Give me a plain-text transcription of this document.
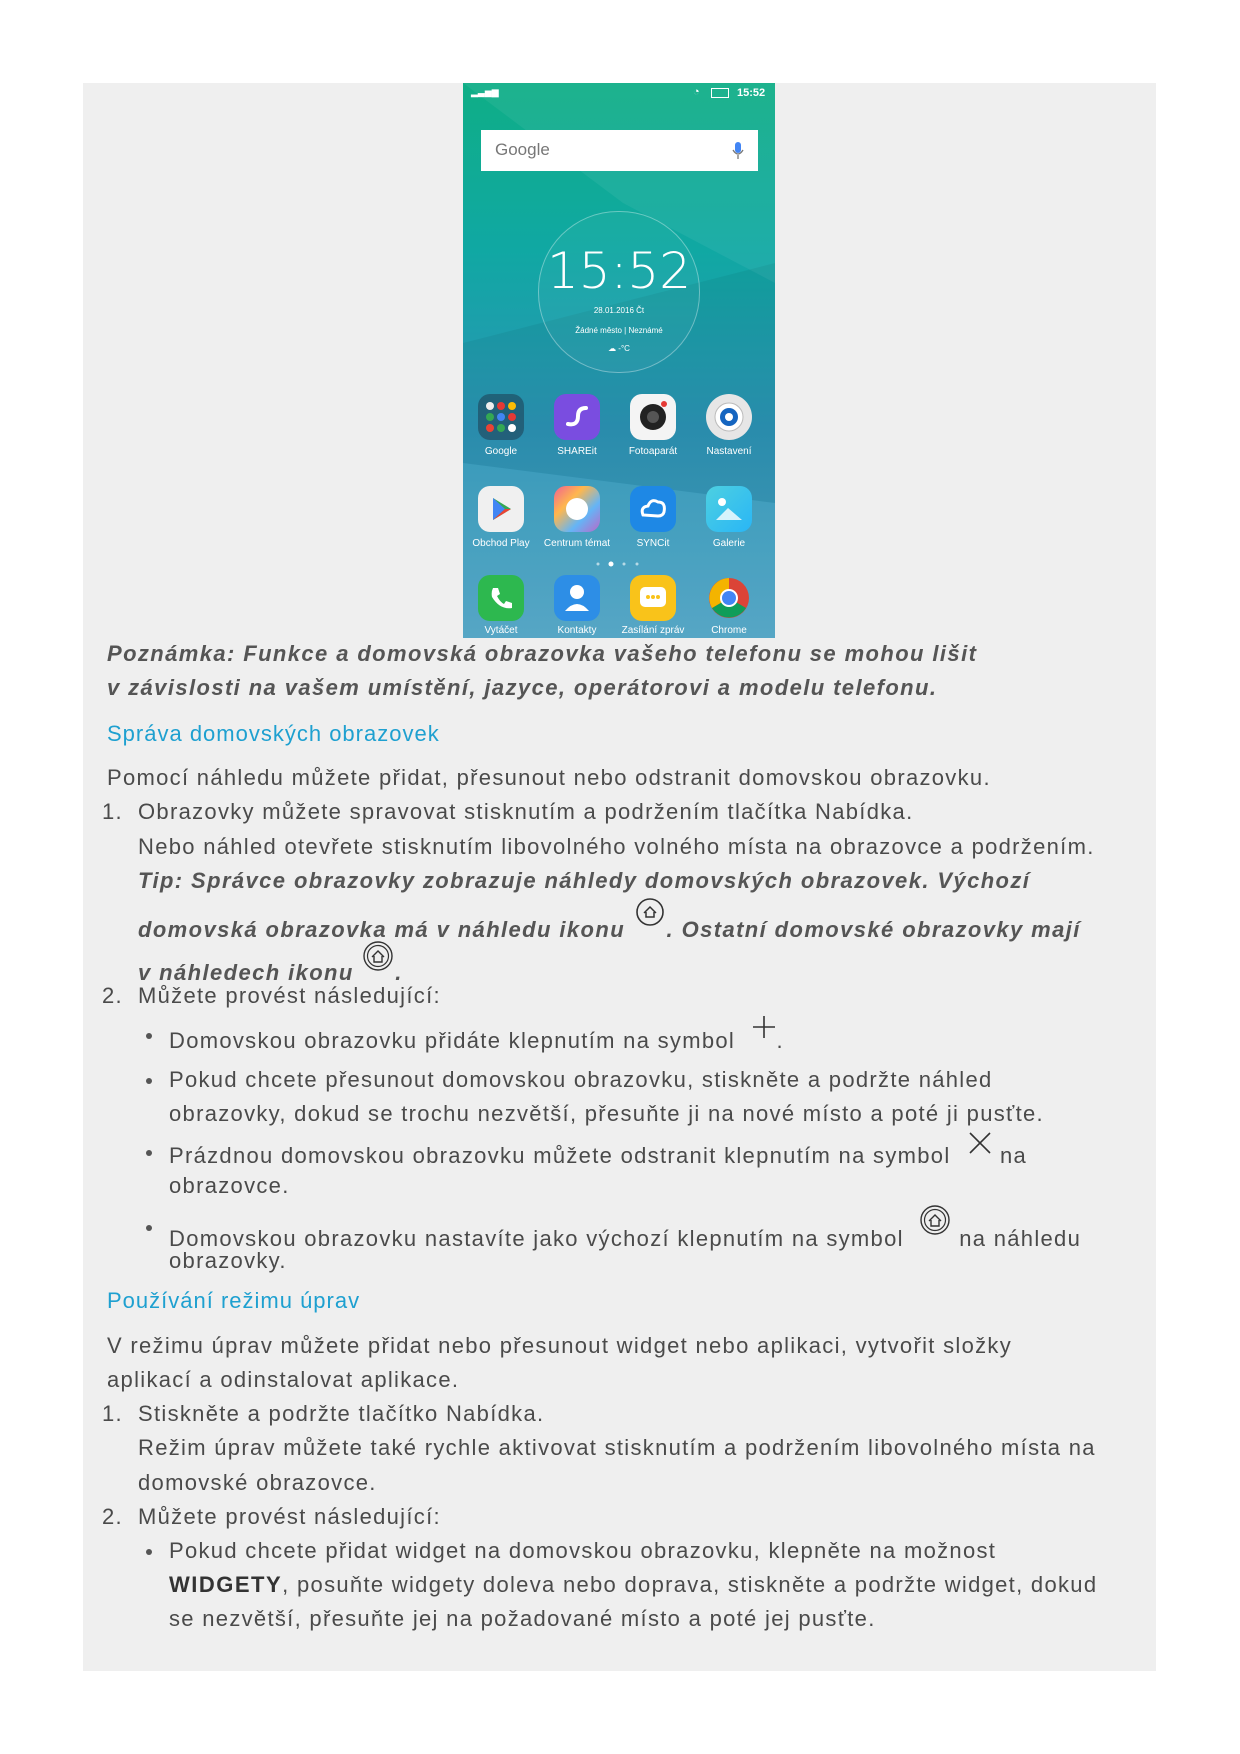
▂▃▅▆	◔	15:52
Google
15:52
28.01.2016 Čt
Žádné město | Neznámé
☁ -°C
Google	SHAREit	Fotoaparát	Nastavení
Obchod Play	Centrum témat	SYNCit	Galerie
Vytáčet	Kontakty	Zasílání zpráv	Chrome
Poznámka: Funkce a domovská obrazovka vašeho telefonu se mohou lišit
v závislosti na vašem umístění, jazyce, operátorovi a modelu telefonu.
Správa domovských obrazovek
Pomocí náhledu můžete přidat, přesunout nebo odstranit domovskou obrazovku.
1. Obrazovky můžete spravovat stisknutím a podržením tlačítka Nabídka.
Nebo náhled otevřete stisknutím libovolného volného místa na obrazovce a podržením.
Tip: Správce obrazovky zobrazuje náhledy domovských obrazovek. Výchozí
domovská obrazovka má v náhledu ikonu . Ostatní domovské obrazovky mají
v náhledech ikonu .
2. Můžete provést následující:
Domovskou obrazovku přidáte klepnutím na symbol .
Pokud chcete přesunout domovskou obrazovku, stiskněte a podržte náhled
obrazovky, dokud se trochu nezvětší, přesuňte ji na nové místo a poté ji pusťte.
Prázdnou domovskou obrazovku můžete odstranit klepnutím na symbol na
obrazovce.
Domovskou obrazovku nastavíte jako výchozí klepnutím na symbol	na náhledu
obrazovky.
Používání režimu úprav
V režimu úprav můžete přidat nebo přesunout widget nebo aplikaci, vytvořit složky
aplikací a odinstalovat aplikace.
1. Stiskněte a podržte tlačítko Nabídka.
Režim úprav můžete také rychle aktivovat stisknutím a podržením libovolného místa na
domovské obrazovce.
2. Můžete provést následující:
Pokud chcete přidat widget na domovskou obrazovku, klepněte na možnost
WIDGETY, posuňte widgety doleva nebo doprava, stiskněte a podržte widget, dokud
se nezvětší, přesuňte jej na požadované místo a poté jej pusťte.
